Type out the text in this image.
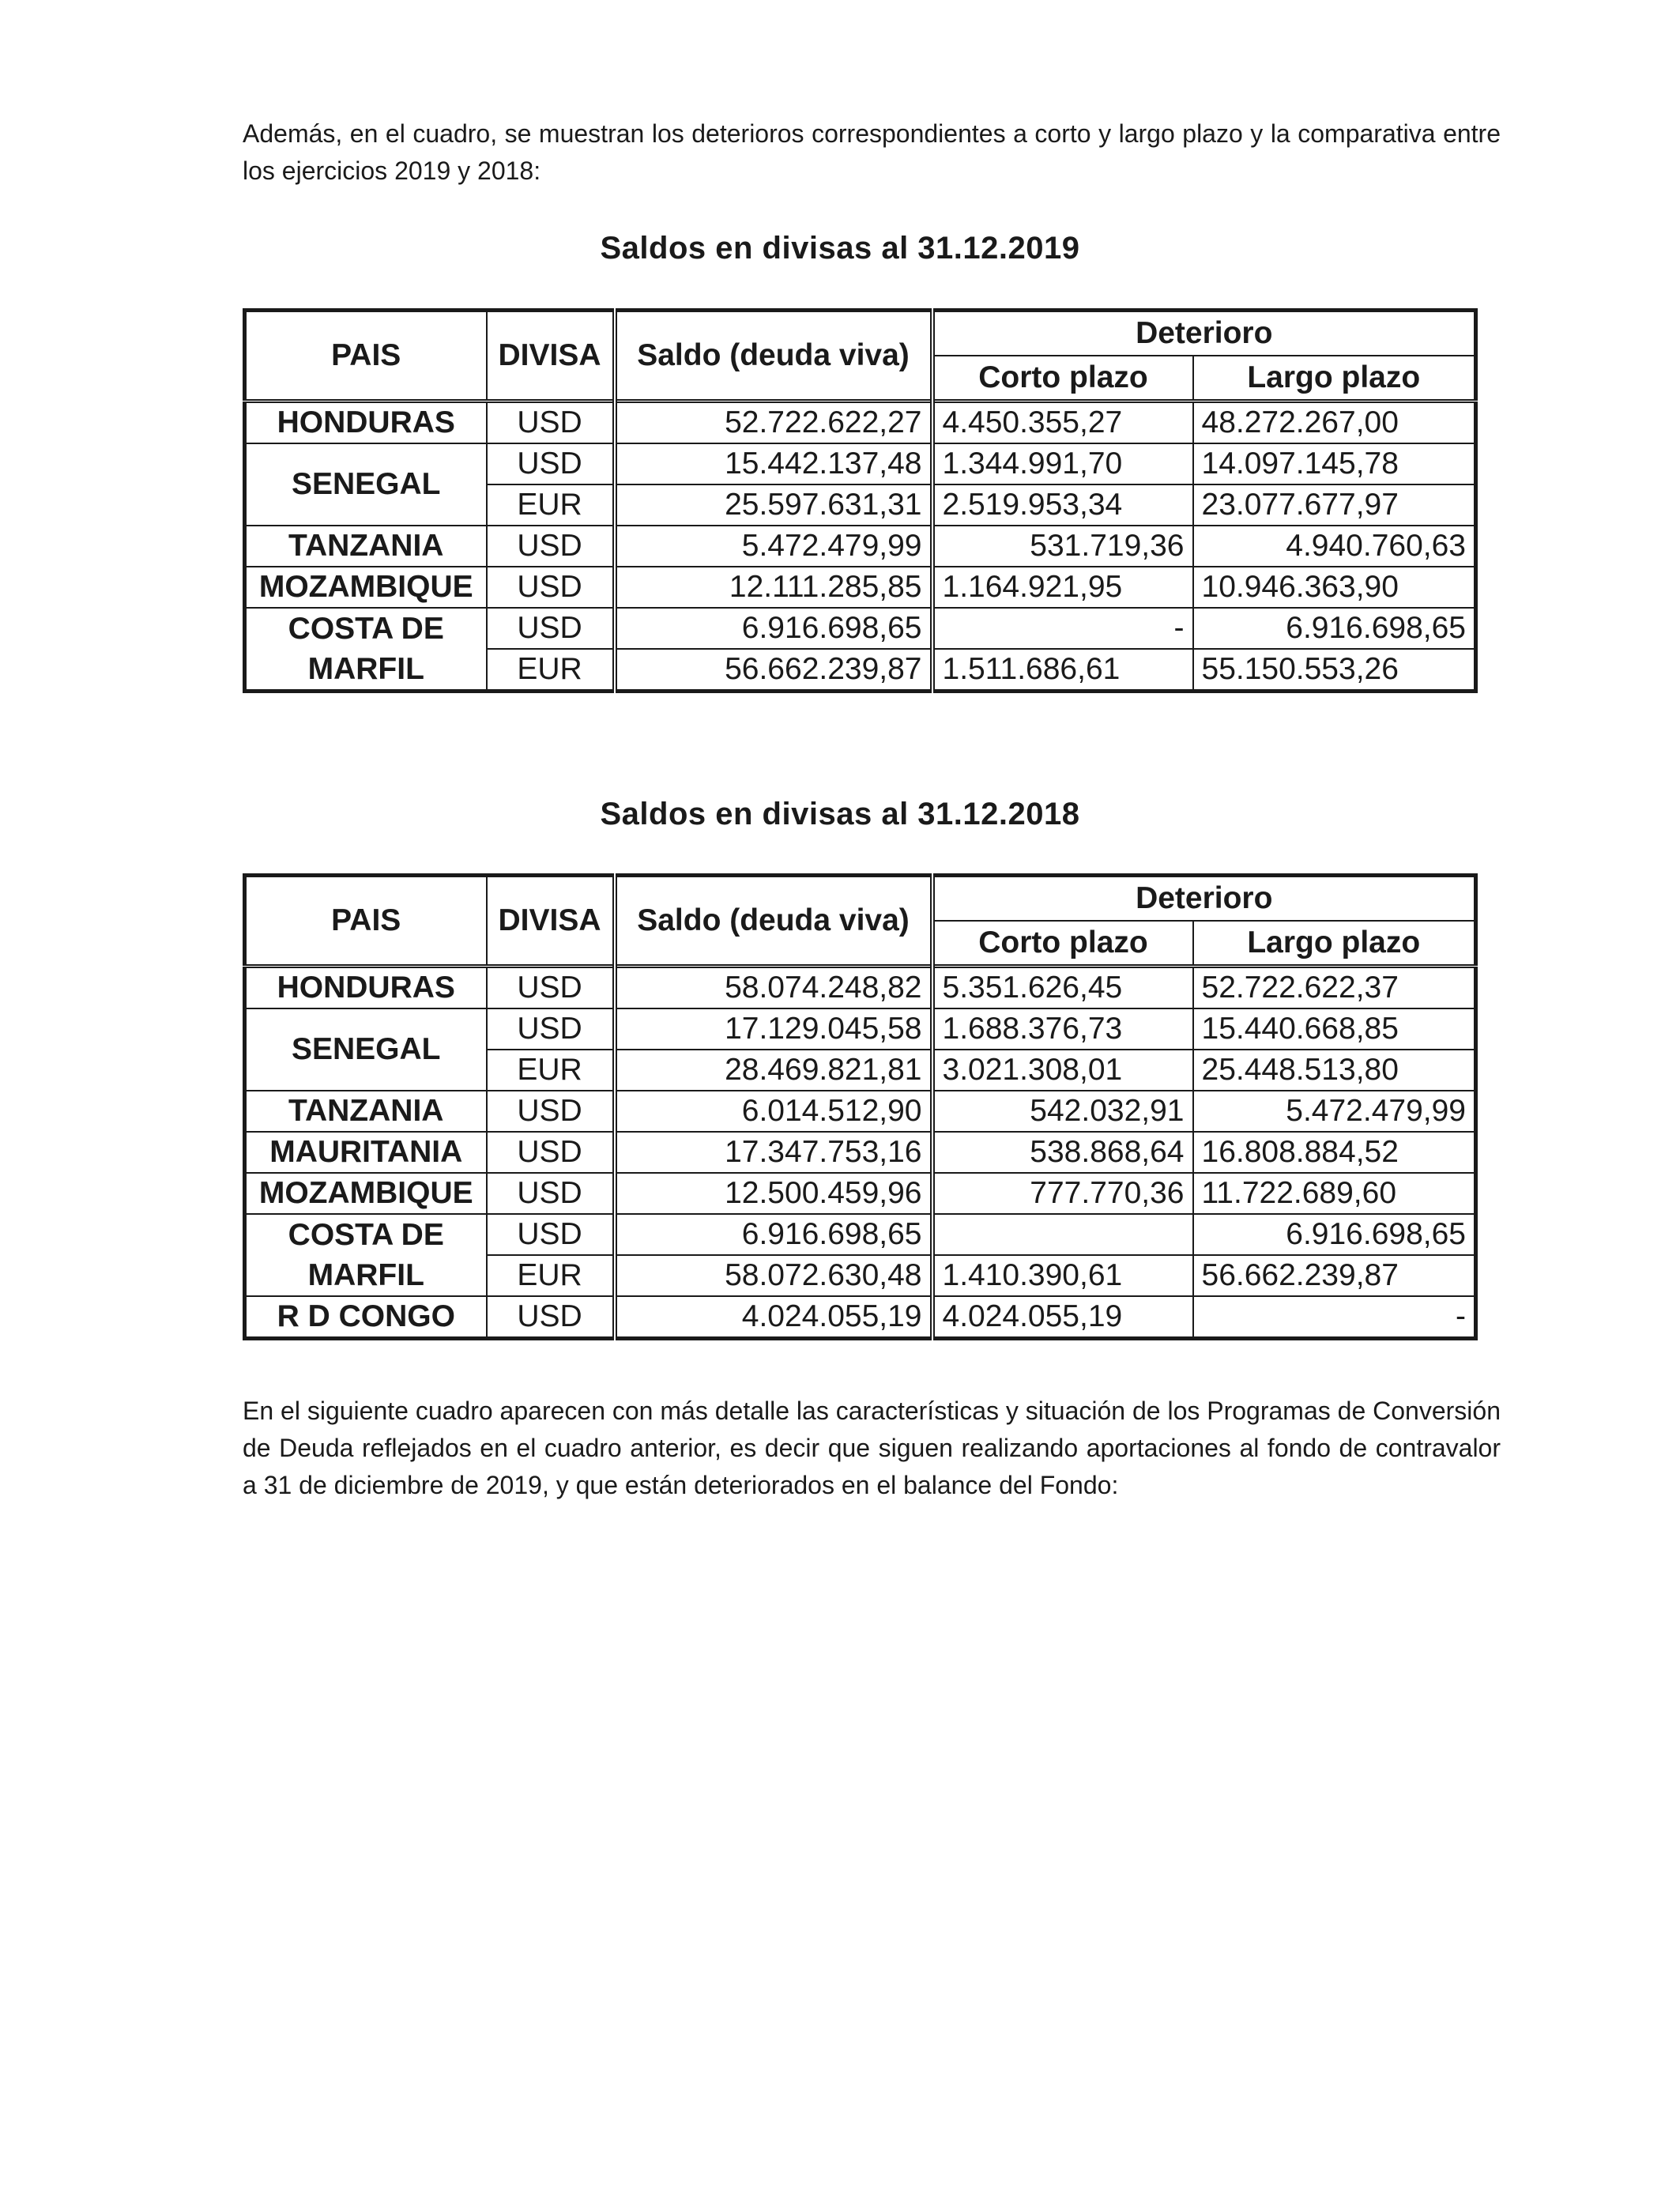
Además, en el cuadro, se muestran los deterioros correspondientes a corto y largo plazo y la comparativa entre los ejercicios 2019 y 2018:
Saldos en divisas al 31.12.2019
PAIS	DIVISA	Saldo (deuda viva)	Deterioro	
			Corto plazo	Largo plazo
HONDURAS	USD	52.722.622,27	4.450.355,27	48.272.267,00
SENEGAL	USD	15.442.137,48	1.344.991,70	14.097.145,78
	EUR	25.597.631,31	2.519.953,34	23.077.677,97
TANZANIA	USD	5.472.479,99	531.719,36	4.940.760,63
MOZAMBIQUE	USD	12.111.285,85	1.164.921,95	10.946.363,90
COSTA DE	USD	6.916.698,65	-	6.916.698,65
MARFIL	EUR	56.662.239,87	1.511.686,61	55.150.553,26
Saldos en divisas al 31.12.2018
PAIS	DIVISA	Saldo (deuda viva)	Deterioro	
			Corto plazo	Largo plazo
HONDURAS	USD	58.074.248,82	5.351.626,45	52.722.622,37
SENEGAL	USD	17.129.045,58	1.688.376,73	15.440.668,85
	EUR	28.469.821,81	3.021.308,01	25.448.513,80
TANZANIA	USD	6.014.512,90	542.032,91	5.472.479,99
MAURITANIA	USD	17.347.753,16	538.868,64	16.808.884,52
MOZAMBIQUE	USD	12.500.459,96	777.770,36	11.722.689,60
COSTA DE	USD	6.916.698,65		6.916.698,65
MARFIL	EUR	58.072.630,48	1.410.390,61	56.662.239,87
R D CONGO	USD	4.024.055,19	4.024.055,19	-
En el siguiente cuadro aparecen con más detalle las características y situación de los Programas de Conversión de Deuda reflejados en el cuadro anterior, es decir que siguen realizando aportaciones al fondo de contravalor a 31 de diciembre de 2019, y que están deteriorados en el balance del Fondo:
